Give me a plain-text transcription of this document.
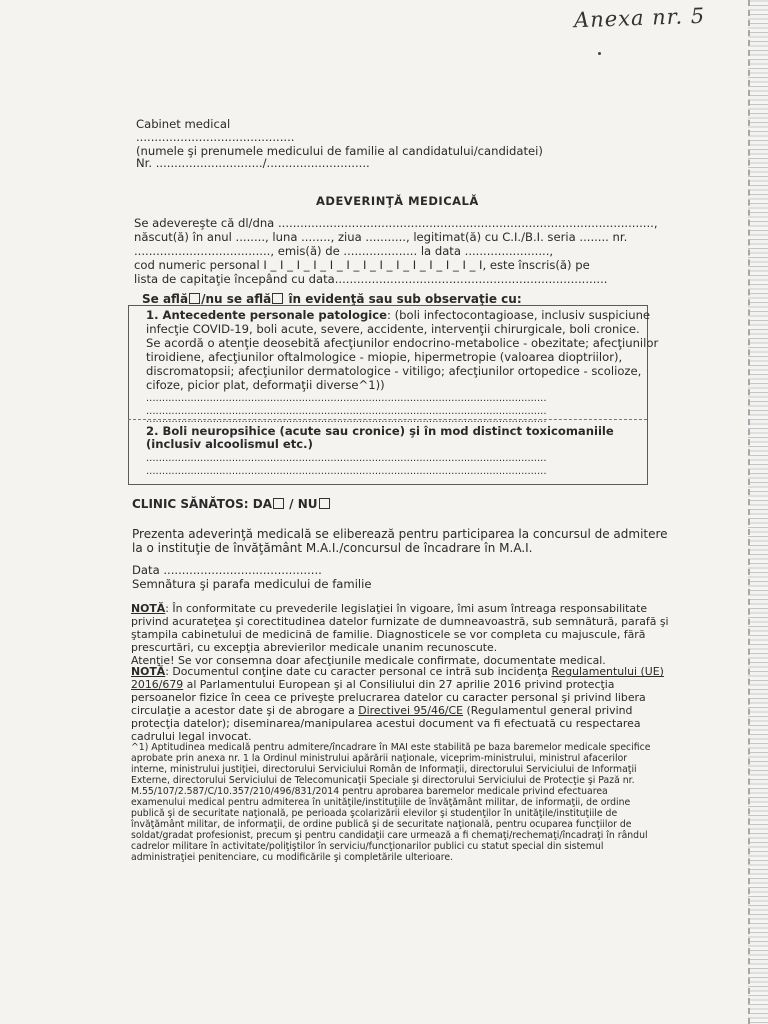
Anexa nr. 5
Cabinet medical
...........................................
(numele şi prenumele medicului de familie al candidatului/candidatei)
Nr. ............................./............................
ADEVERINŢĂ MEDICALĂ
Se adevereşte că dl/dna ......................................................................................................,
născut(ă) în anul ........, luna ........, ziua ..........., legitimat(ă) cu C.I./B.I. seria ........ nr.
....................................., emis(ă) de .................... la data .......................,
cod numeric personal I _ I _ I _ I _ I _ I _ I _ I _ I _ I _ I _ I _ I _ I, este înscris(ă) pe
lista de capitaţie începând cu data..........................................................................
Se află /nu se află în evidenţă sau sub observaţie cu:
1. Antecedente personale patologice: (boli infectocontagioase, inclusiv suspiciune
infecţie COVID-19, boli acute, severe, accidente, intervenţii chirurgicale, boli cronice.
Se acordă o atenţie deosebită afecţiunilor endocrino-metabolice - obezitate; afecţiunilor
tiroidiene, afecţiunilor oftalmologice - miopie, hipermetropie (valoarea dioptriilor),
discromatopsii; afecţiunilor dermatologice - vitiligo; afecţiunilor ortopedice - scolioze,
cifoze, picior plat, deformaţii diverse^1))
..............................................................................................................................
..............................................................................................................................
..............................................................................................................................
2. Boli neuropsihice (acute sau cronice) şi în mod distinct toxicomaniile
(inclusiv alcoolismul etc.)
..............................................................................................................................
..............................................................................................................................
CLINIC SĂNĂTOS: DA / NU
Prezenta adeverinţă medicală se eliberează pentru participarea la concursul de admitere
la o instituţie de învăţământ M.A.I./concursul de încadrare în M.A.I.
Data ...........................................
Semnătura şi parafa medicului de familie
NOTĂ: În conformitate cu prevederile legislaţiei în vigoare, îmi asum întreaga responsabilitate
privind acurateţea şi corectitudinea datelor furnizate de dumneavoastră, sub semnătură, parafă şi
ştampila cabinetului de medicină de familie. Diagnosticele se vor completa cu majuscule, fără
prescurtări, cu excepţia abrevierilor medicale unanim recunoscute.
Atenţie! Se vor consemna doar afecţiunile medicale confirmate, documentate medical.
NOTĂ: Documentul conţine date cu caracter personal ce intră sub incidenţa Regulamentului (UE)
2016/679 al Parlamentului European şi al Consiliului din 27 aprilie 2016 privind protecţia
persoanelor fizice în ceea ce priveşte prelucrarea datelor cu caracter personal şi privind libera
circulaţie a acestor date şi de abrogare a Directivei 95/46/CE (Regulamentul general privind
protecţia datelor); diseminarea/manipularea acestui document va fi efectuată cu respectarea
cadrului legal invocat.
^1) Aptitudinea medicală pentru admitere/încadrare în MAI este stabilită pe baza baremelor medicale specifice
aprobate prin anexa nr. 1 la Ordinul ministrului apărării naţionale, viceprim-ministrului, ministrul afacerilor
interne, ministrului justiţiei, directorului Serviciului Român de Informaţii, directorului Serviciului de Informaţii
Externe, directorului Serviciului de Telecomunicaţii Speciale şi directorului Serviciului de Protecţie şi Pază nr.
M.55/107/2.587/C/10.357/210/496/831/2014 pentru aprobarea baremelor medicale privind efectuarea
examenului medical pentru admiterea în unităţile/instituţiile de învăţământ militar, de informaţii, de ordine
publică şi de securitate naţională, pe perioada şcolarizării elevilor şi studenţilor în unităţile/instituţiile de
învăţământ militar, de informaţii, de ordine publică şi de securitate naţională, pentru ocuparea funcţiilor de
soldat/gradat profesionist, precum şi pentru candidaţii care urmează a fi chemaţi/rechemaţi/încadraţi în rândul
cadrelor militare în activitate/poliţiştilor în serviciu/funcţionarilor publici cu statut special din sistemul
administraţiei penitenciare, cu modificările şi completările ulterioare.
